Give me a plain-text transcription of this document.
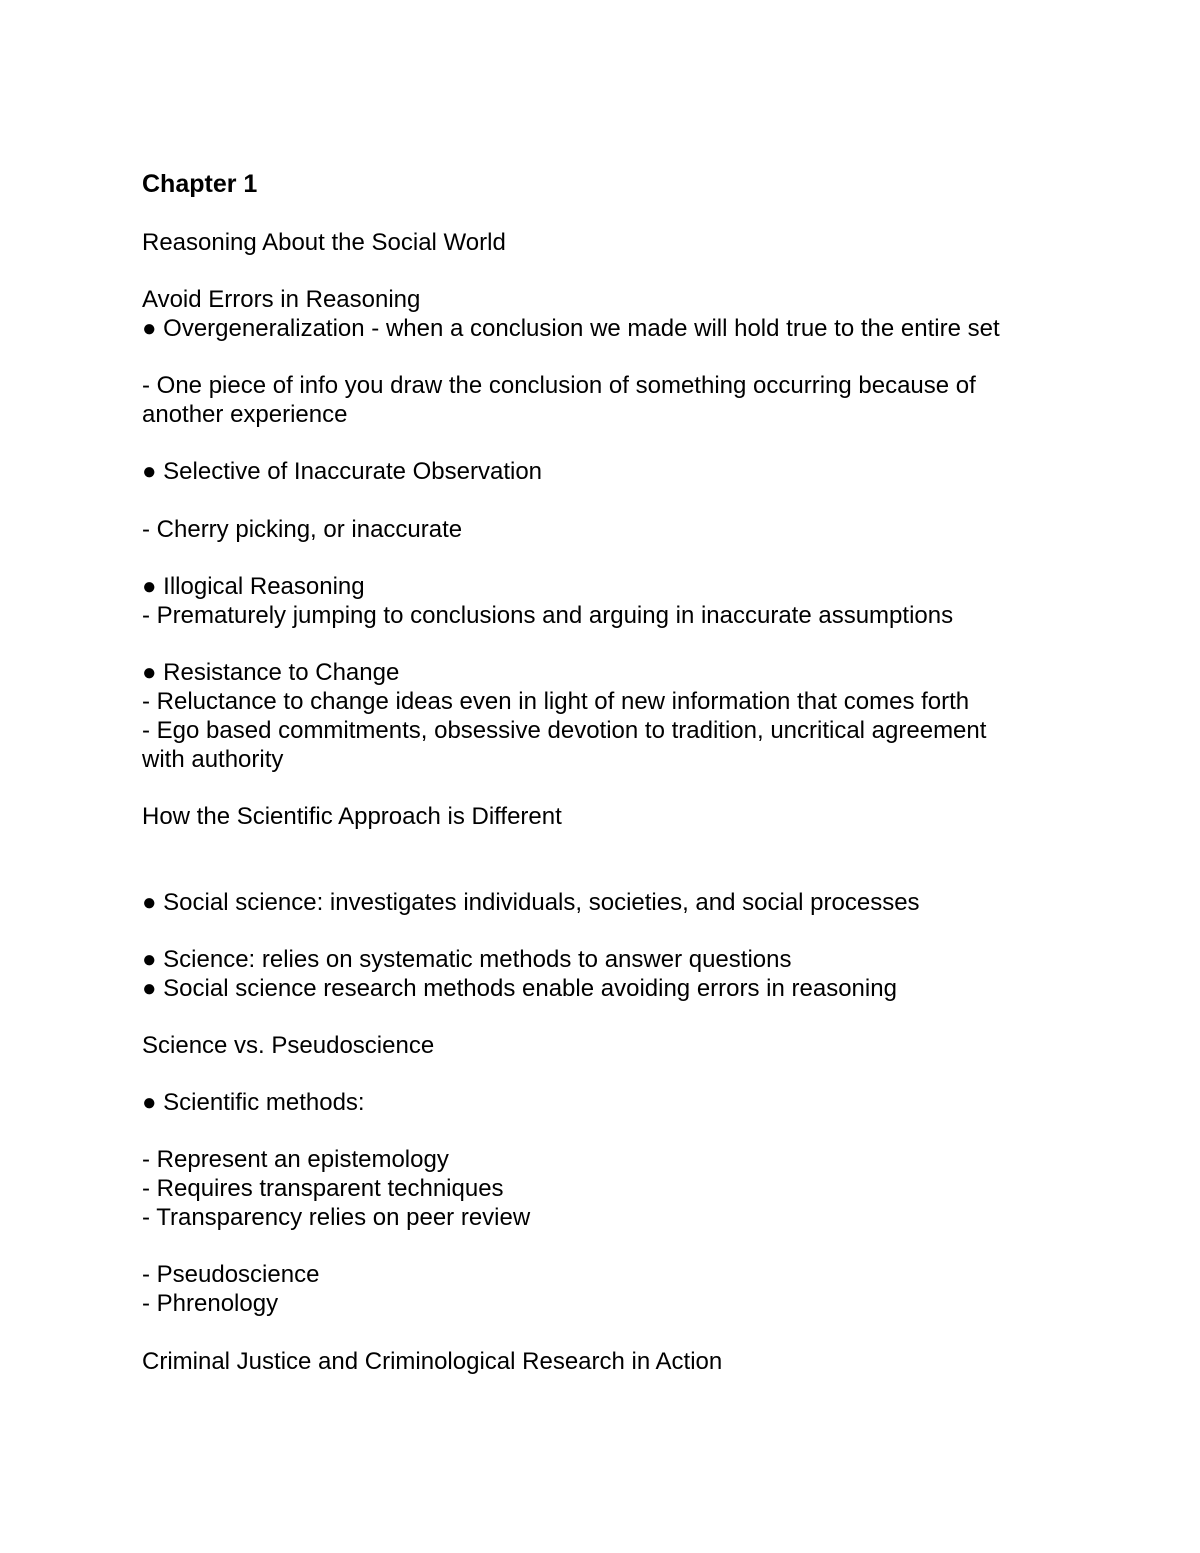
Chapter 1

Reasoning About the Social World

Avoid Errors in Reasoning

● Overgeneralization - when a conclusion we made will hold true to the entire set

- One piece of info you draw the conclusion of something occurring because of

another experience

● Selective of Inaccurate Observation

- Cherry picking, or inaccurate

● Illogical Reasoning

- Prematurely jumping to conclusions and arguing in inaccurate assumptions

● Resistance to Change

- Reluctance to change ideas even in light of new information that comes forth

- Ego based commitments, obsessive devotion to tradition, uncritical agreement

with authority

How the Scientific Approach is Different

● Social science: investigates individuals, societies, and social processes

● Science: relies on systematic methods to answer questions

● Social science research methods enable avoiding errors in reasoning

Science vs. Pseudoscience

● Scientific methods:

- Represent an epistemology

- Requires transparent techniques

- Transparency relies on peer review

- Pseudoscience

- Phrenology

Criminal Justice and Criminological Research in Action
